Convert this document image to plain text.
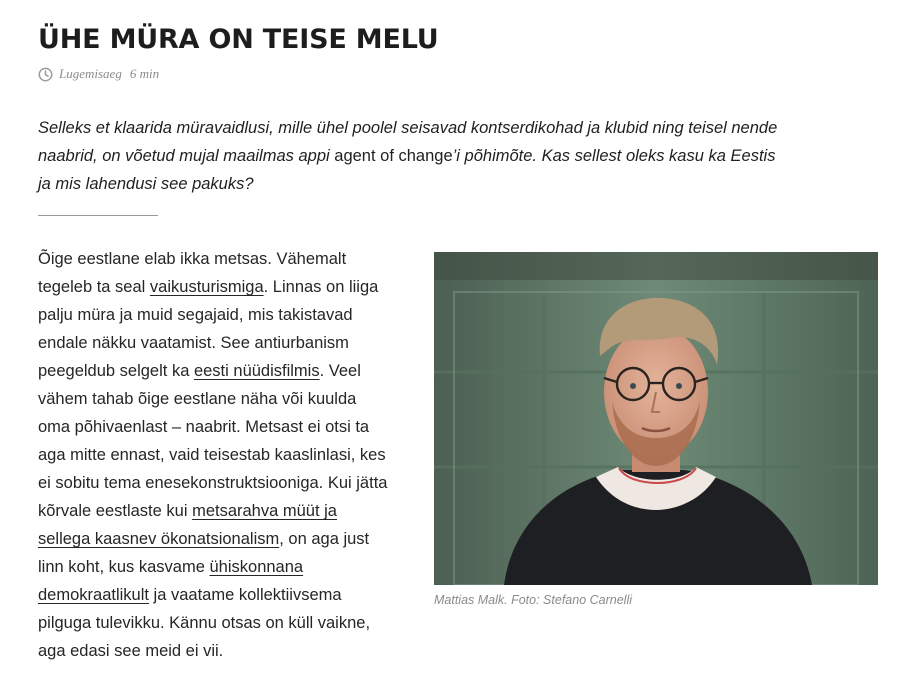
ÜHE MÜRA ON TEISE MELU
Lugemisaeg 6 min

Selleks et klaarida müravaidlusi, mille ühel poolel seisavad kontserdikohad ja klubid ning teisel nende naabrid, on võetud mujal maailmas appi agent of change’i põhimõte. Kas sellest oleks kasu ka Eestis ja mis lahendusi see pakuks?

Õige eestlane elab ikka metsas. Vähemalt tegeleb ta seal vaikusturismiga. Linnas on liiga palju müra ja muid segajaid, mis takistavad endale näkku vaatamist. See antiurbanism peegeldub selgelt ka eesti nüüdisfilmis. Veel vähem tahab õige eestlane näha või kuulda oma põhivaenlast – naabrit. Metsast ei otsi ta aga mitte ennast, vaid teisestab kaaslinlasi, kes ei sobitu tema enesekonstruktsiooniga. Kui jätta kõrvale eestlaste kui metsarahva müüt ja sellega kaasnev ökonatsionalism, on aga just linn koht, kus kasvame ühiskonnana demokraatlikult ja vaatame kollektiivsema pilguga tulevikku. Kännu otsas on küll vaikne, aga edasi see meid ei vii.

Mattias Malk. Foto: Stefano Carnelli
